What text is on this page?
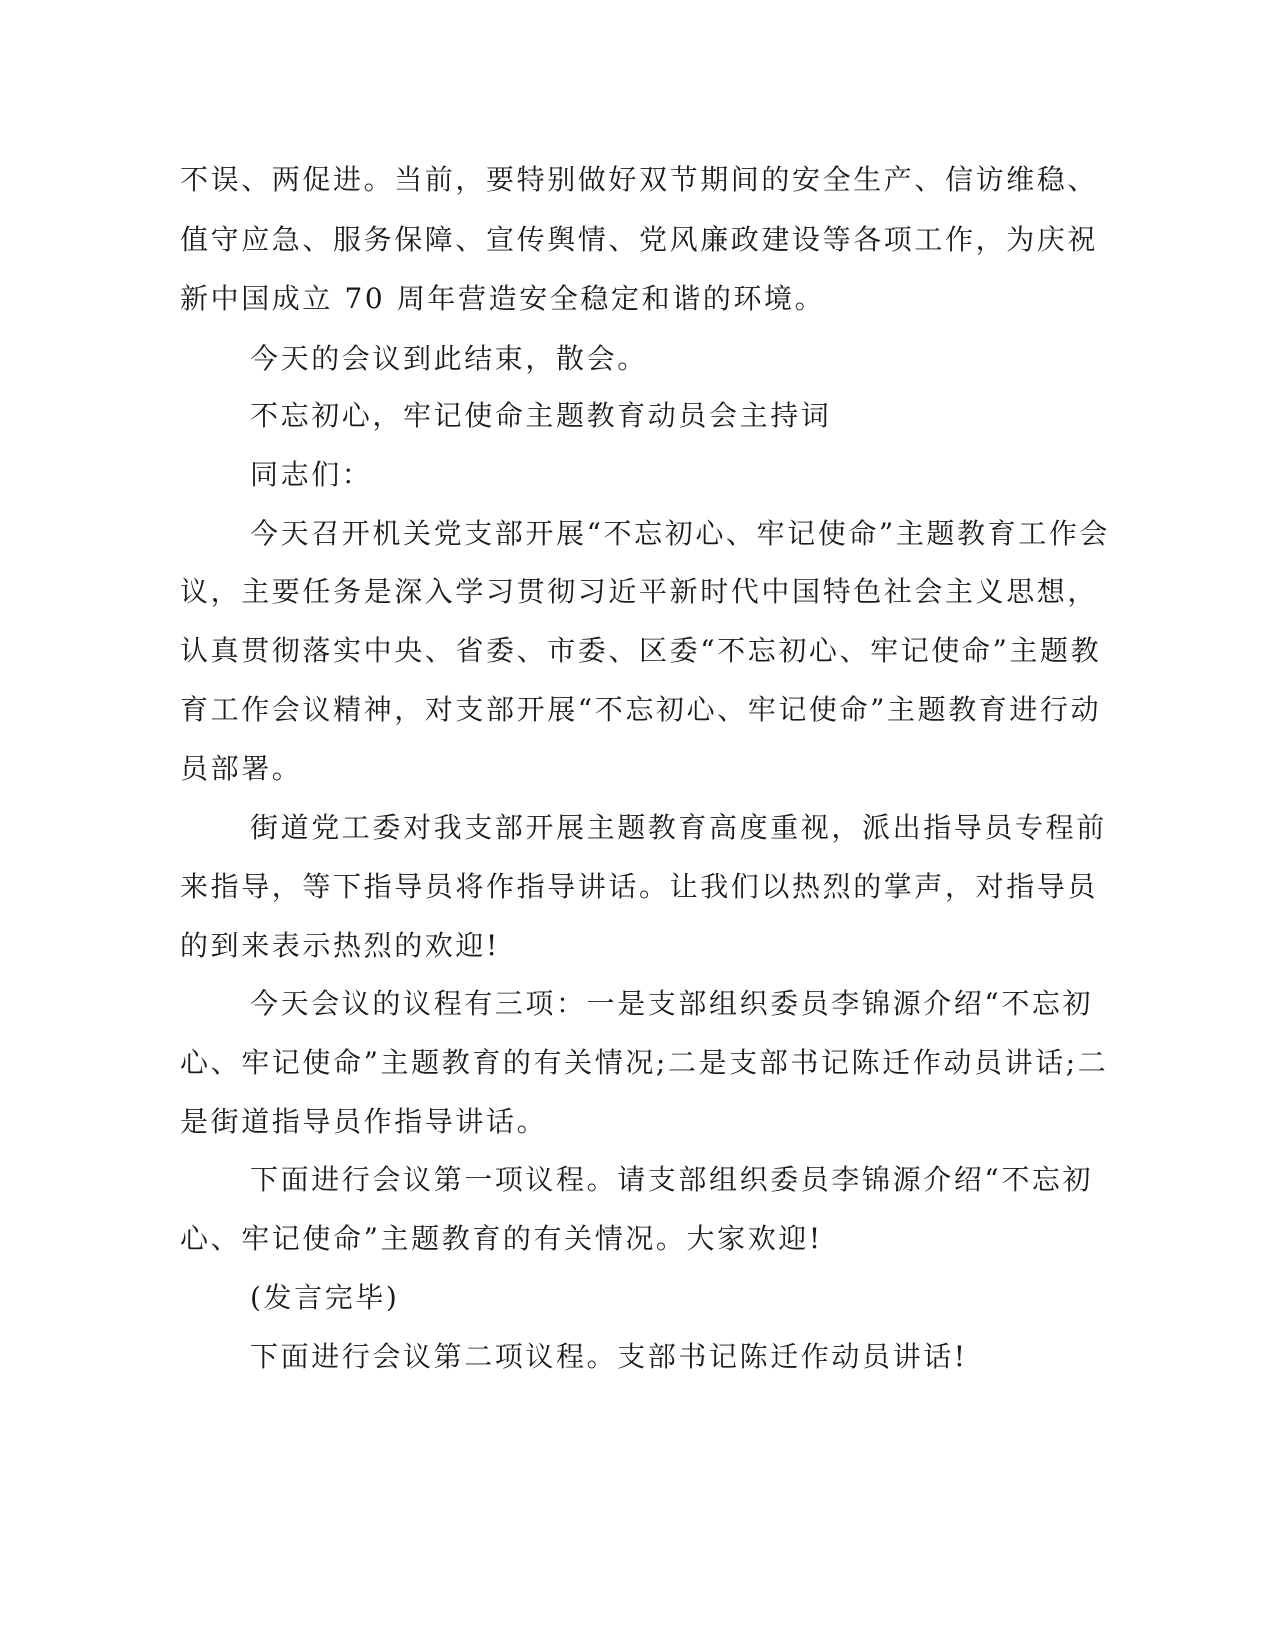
不误、两促进。当前，要特别做好双节期间的安全生产、信访维稳、
值守应急、服务保障、宣传舆情、党风廉政建设等各项工作，为庆祝
新中国成立 70 周年营造安全稳定和谐的环境。
今天的会议到此结束，散会。
不忘初心，牢记使命主题教育动员会主持词
同志们：
今天召开机关党支部开展“不忘初心、牢记使命”主题教育工作会
议，主要任务是深入学习贯彻习近平新时代中国特色社会主义思想，
认真贯彻落实中央、省委、市委、区委“不忘初心、牢记使命”主题教
育工作会议精神，对支部开展“不忘初心、牢记使命”主题教育进行动
员部署。
街道党工委对我支部开展主题教育高度重视，派出指导员专程前
来指导，等下指导员将作指导讲话。让我们以热烈的掌声，对指导员
的到来表示热烈的欢迎!
今天会议的议程有三项：一是支部组织委员李锦源介绍“不忘初
心、牢记使命”主题教育的有关情况;二是支部书记陈迁作动员讲话;二
是街道指导员作指导讲话。
下面进行会议第一项议程。请支部组织委员李锦源介绍“不忘初
心、牢记使命”主题教育的有关情况。大家欢迎!
(发言完毕)
下面进行会议第二项议程。支部书记陈迁作动员讲话!
